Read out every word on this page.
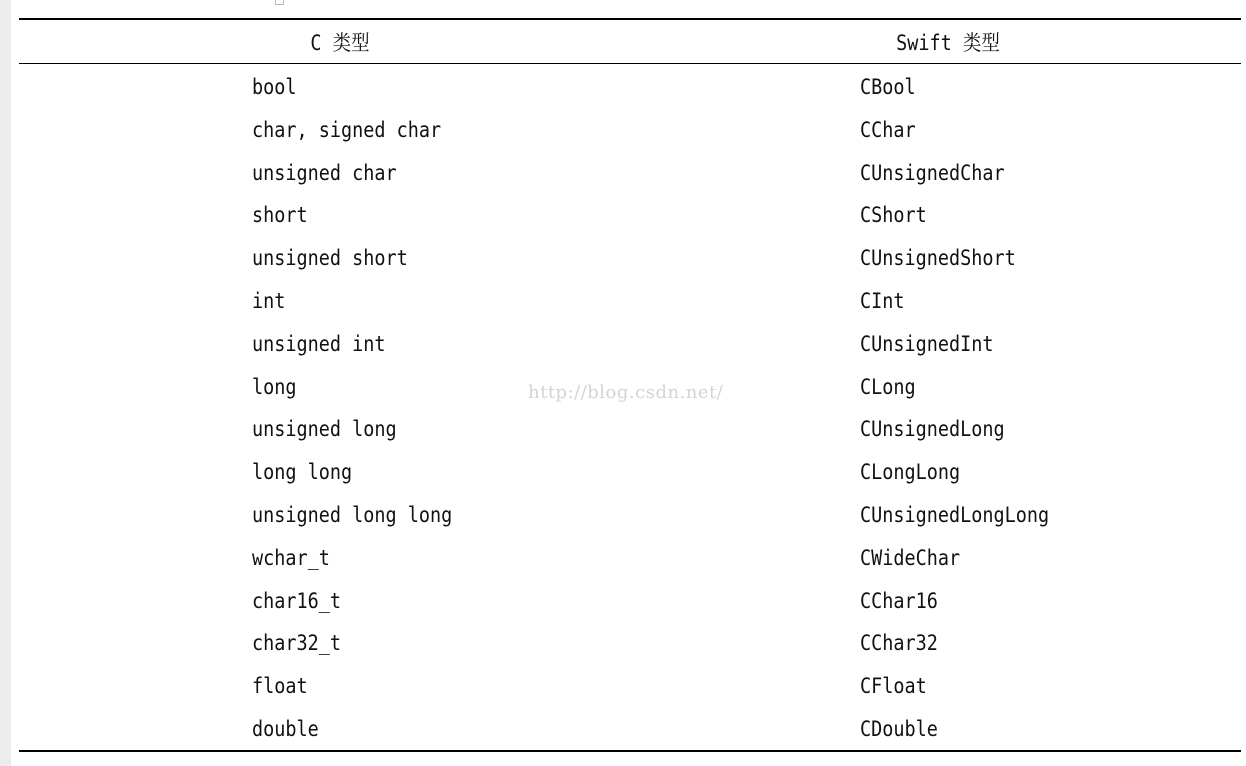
C 类型	Swift 类型
bool	CBool
char, signed char	CChar
unsigned char	CUnsignedChar
short	CShort
unsigned short	CUnsignedShort
int	CInt
unsigned int	CUnsignedInt
long	CLong
unsigned long	CUnsignedLong
long long	CLongLong
unsigned long long	CUnsignedLongLong
wchar_t	CWideChar
char16_t	CChar16
char32_t	CChar32
float	CFloat
double	CDouble
http://blog.csdn.net/
